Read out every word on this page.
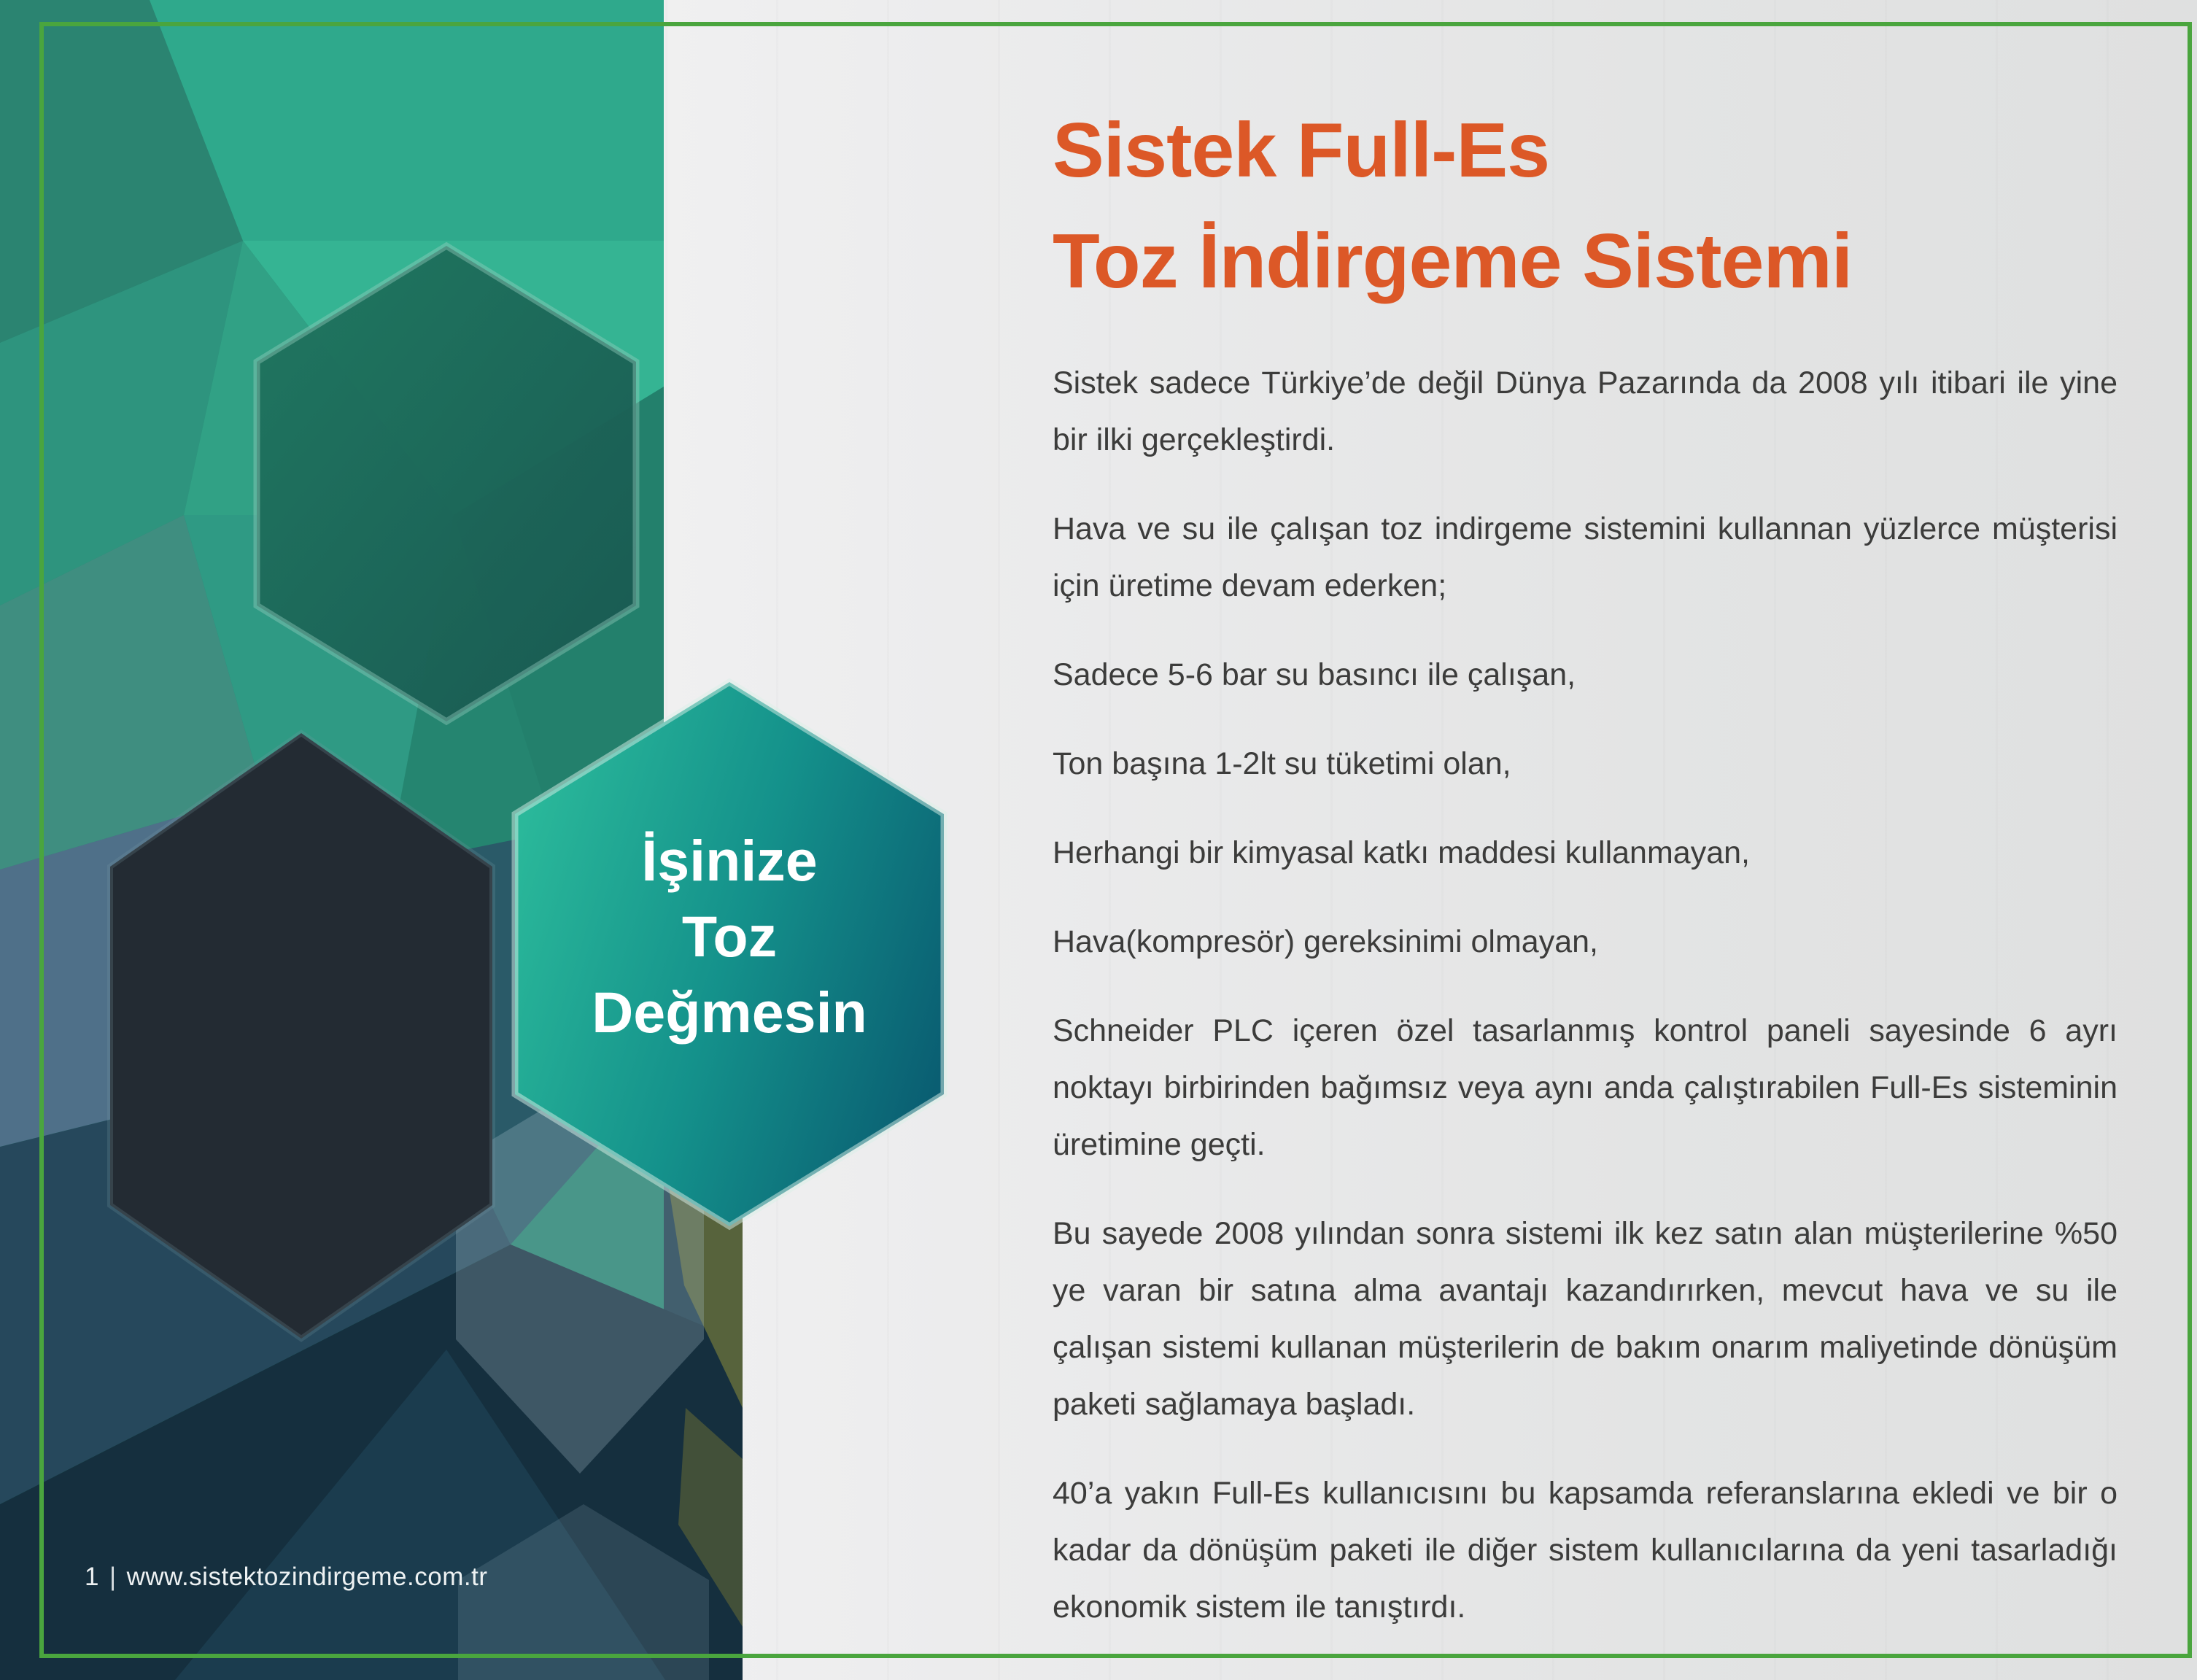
İşinize
Toz
Değmesin
Sistek Full-Es
Toz İndirgeme Sistemi

Sistek sadece Türkiye’de değil Dünya Pazarında da 2008 yılı itibari ile yine bir ilki gerçekleştirdi.

Hava ve su ile çalışan toz indirgeme sistemini kullannan yüzlerce müşterisi için üretime devam ederken;

Sadece 5-6 bar su basıncı ile çalışan,

Ton başına 1-2lt su tüketimi olan,

Herhangi bir kimyasal katkı maddesi kullanmayan,

Hava(kompresör) gereksinimi olmayan,

Schneider PLC içeren özel tasarlanmış kontrol paneli sayesinde 6 ayrı noktayı birbirinden bağımsız veya aynı anda çalıştırabilen Full-Es sisteminin üretimine geçti.

Bu sayede 2008 yılından sonra sistemi ilk kez satın alan müşterilerine %50 ye varan bir satına alma avantajı kazandırırken, mevcut hava ve su ile çalışan sistemi kullanan müşterilerin de bakım onarım maliyetinde dönüşüm paketi sağlamaya başladı.

40’a yakın Full-Es kullanıcısını bu kapsamda referanslarına ekledi ve bir o kadar da dönüşüm paketi ile diğer sistem kullanıcılarına da yeni tasarladığı ekonomik sistem ile tanıştırdı.

1 | www.sistektozindirgeme.com.tr
